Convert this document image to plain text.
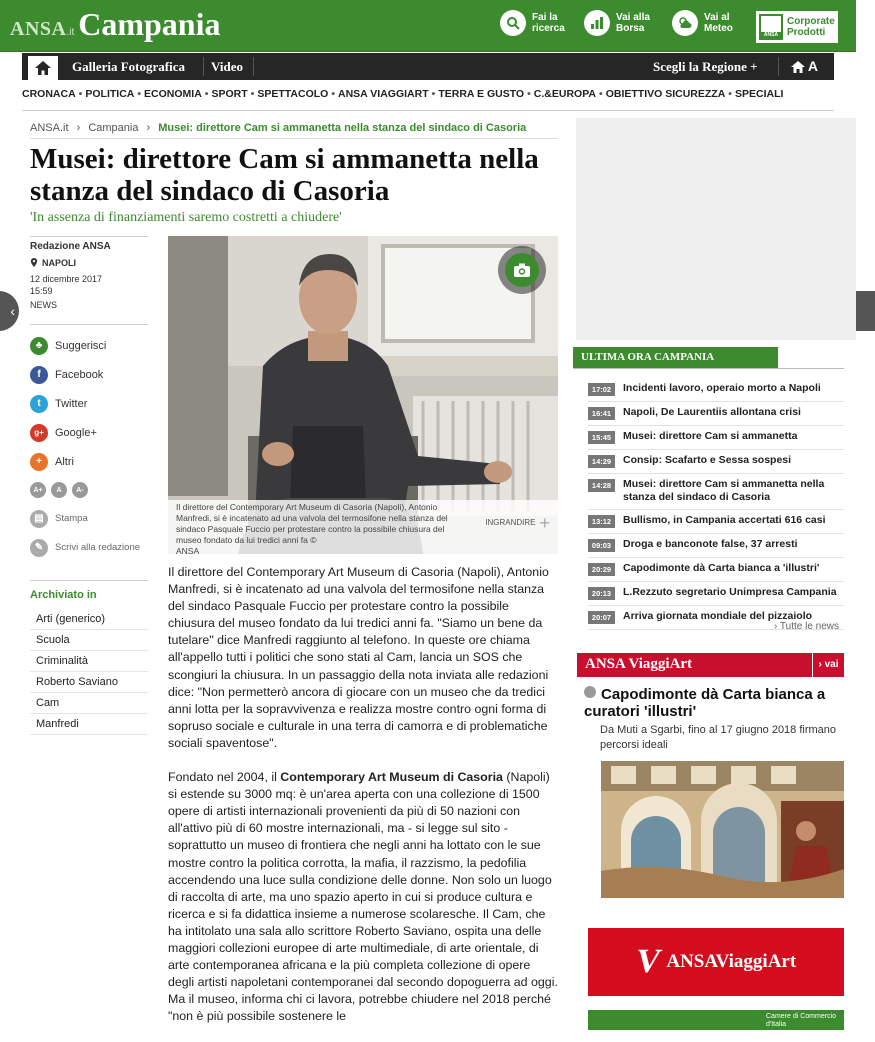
ANSA .it Campania	Fai la
ricerca
Vai alla
Borsa
Vai al
Meteo
ANSA
Corporate
Prodotti
Galleria Fotografica Video	Scegli la Regione +	A
CRONACA • POLITICA • ECONOMIA • SPORT • SPETTACOLO • ANSA VIAGGIART • TERRA E GUSTO • C.&EUROPA • OBIETTIVO SICUREZZA • SPECIALI
‹
ANSA.it › Campania › Musei: direttore Cam si ammanetta nella stanza del sindaco di Casoria
Musei: direttore Cam si ammanetta nella stanza del sindaco di Casoria
'In assenza di finanziamenti saremo costretti a chiudere'
Redazione ANSA
NAPOLI
12 dicembre 2017
15:59
NEWS
♣	Suggerisci
f	Facebook
t	Twitter
g+	Google+
+	Altri
A+	A	A-
▤	Stampa
✎	Scrivi alla redazione
Archiviato in
Arti (generico)
Scuola
Criminalità
Roberto Saviano
Cam
Manfredi
Il direttore del Contemporary Art Museum di Casoria (Napoli), Antonio Manfredi, si è incatenato ad una valvola del termosifone nella stanza del sindaco Pasquale Fuccio per protestare contro la possibile chiusura del museo fondato da lui tredici anni fa ©
ANSA
INGRANDIRE +

Il direttore del Contemporary Art Museum di Casoria (Napoli), Antonio Manfredi, si è incatenato ad una valvola del termosifone nella stanza del sindaco Pasquale Fuccio per protestare contro la possibile chiusura del museo fondato da lui tredici anni fa. "Siamo un bene da tutelare" dice Manfredi raggiunto al telefono. In queste ore chiama all'appello tutti i politici che sono stati al Cam, lancia un SOS che scongiuri la chiusura. In un passaggio della nota inviata alle redazioni dice: "Non permetterò ancora di giocare con un museo che da tredici anni lotta per la sopravvivenza e realizza mostre contro ogni forma di sopruso sociale e culturale in una terra di camorra e di problematiche sociali spaventose".

Fondato nel 2004, il Contemporary Art Museum di Casoria (Napoli) si estende su 3000 mq: è un'area aperta con una collezione di 1500 opere di artisti internazionali provenienti da più di 50 nazioni con all'attivo più di 60 mostre internazionali, ma - si legge sul sito - soprattutto un museo di frontiera che negli anni ha lottato con le sue mostre contro la politica corrotta, la mafia, il razzismo, la pedofilia accendendo una luce sulla condizione delle donne. Non solo un luogo di raccolta di arte, ma uno spazio aperto in cui si produce cultura e ricerca e si fa didattica insieme a numerose scolaresche. Il Cam, che ha intitolato una sala allo scrittore Roberto Saviano, ospita una delle maggiori collezioni europee di arte multimediale, di arte orientale, di arte contemporanea africana e la più completa collezione di opere degli artisti napoletani contemporanei dal secondo dopoguerra ad oggi. Ma il museo, informa chi ci lavora, potrebbe chiudere nel 2018 perché "non è più possibile sostenere le

ULTIMA ORA CAMPANIA
17:02	Incidenti lavoro, operaio morto a Napoli
16:41	Napoli, De Laurentiis allontana crisi
15:45	Musei: direttore Cam si ammanetta
14:29	Consip: Scafarto e Sessa sospesi
14:28	Musei: direttore Cam si ammanetta nella stanza del sindaco di Casoria
13:12	Bullismo, in Campania accertati 616 casi
09:03	Droga e banconote false, 37 arresti
20:29	Capodimonte dà Carta bianca a 'illustri'
20:13	L.Rezzuto segretario Unimpresa Campania
20:07	Arriva giornata mondiale del pizzaiolo
› Tutte le news
ANSA ViaggiArt	› vai
Capodimonte dà Carta bianca a curatori 'illustri'
Da Muti a Sgarbi, fino al 17 giugno 2018 firmano percorsi ideali
V ANSAViaggiArt
Camere di Commercio
d'Italia
